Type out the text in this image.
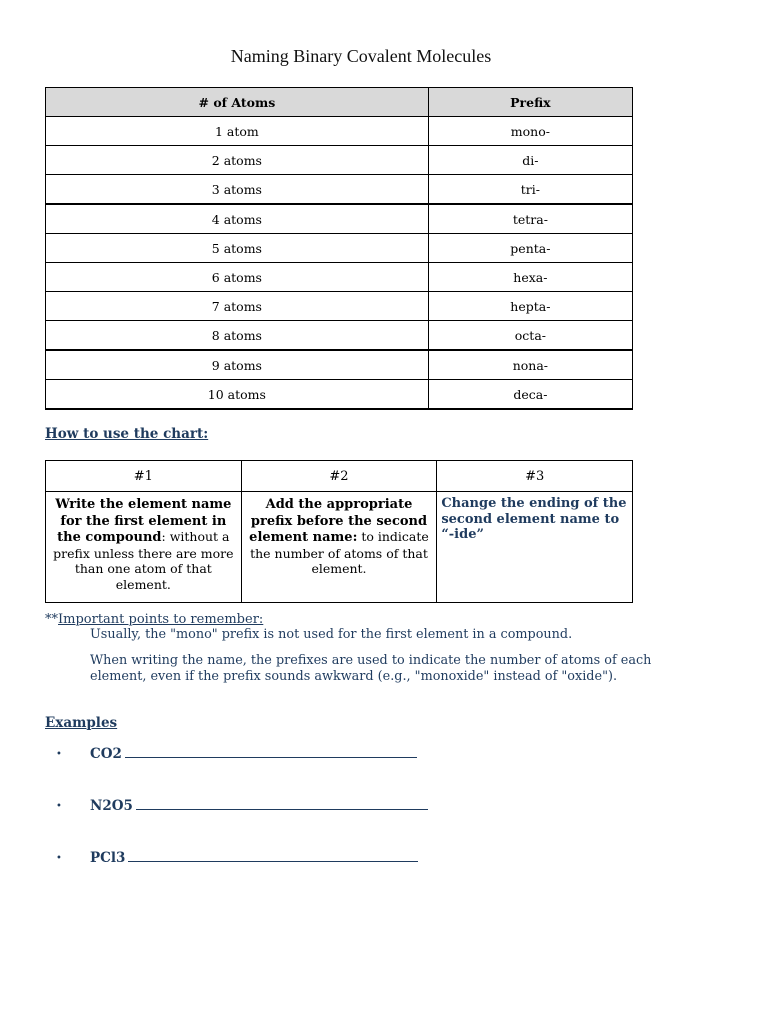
Naming Binary Covalent Molecules
# of Atoms	Prefix
1 atom	mono-
2 atoms	di-
3 atoms	tri-
4 atoms	tetra-
5 atoms	penta-
6 atoms	hexa-
7 atoms	hepta-
8 atoms	octa-
9 atoms	nona-
10 atoms	deca-
How to use the chart:
#1	#2	#3
Write the element name for the first element in the compound: without a prefix unless there are more than one atom of that element.	Add the appropriate prefix before the second element name: to indicate the number of atoms of that element.	Change the ending of the second element name to “-ide”
**Important points to remember:
Usually, the "mono" prefix is not used for the first element in a compound.
When writing the name, the prefixes are used to indicate the number of atoms of each element, even if the prefix sounds awkward (e.g., "monoxide" instead of "oxide").
Examples
• CO2
• N2O5
• PCl3
